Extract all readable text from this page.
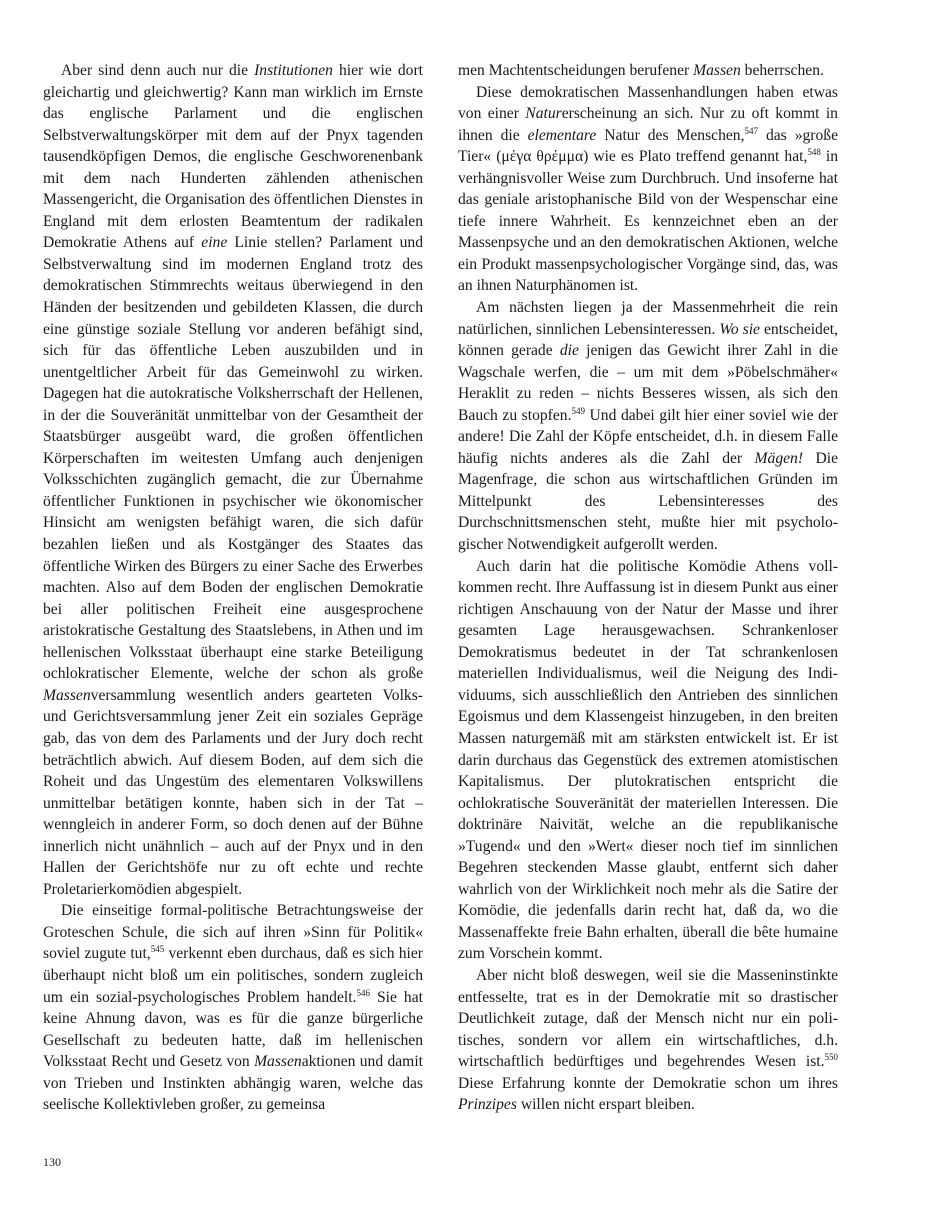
Aber sind denn auch nur die Institutionen hier wie dort gleichartig und gleichwertig? Kann man wirklich im Ernste das englische Parlament und die englischen Selbstverwaltungskörper mit dem auf der Pnyx tagenden tausendköpfigen Demos, die englische Geschworenenbank mit dem nach Hunderten zählenden athenischen Massengericht, die Organisation des öffentlichen Dienstes in England mit dem erlosten Beamtentum der radikalen Demokratie Athens auf eine Linie stellen? Parlament und Selbstverwaltung sind im modernen England trotz des demokratischen Stimmrechts weitaus überwiegend in den Händen der besitzenden und gebildeten Klassen, die durch eine günstige soziale Stellung vor anderen befähigt sind, sich für das öffentliche Leben auszubilden und in unentgeltlicher Arbeit für das Gemeinwohl zu wirken. Dagegen hat die autokratische Volksherrschaft der Hellenen, in der die Souveränität unmittelbar von der Gesamtheit der Staatsbürger ausgeübt ward, die großen öffentlichen Körperschaften im weitesten Umfang auch denjenigen Volksschichten zugänglich gemacht, die zur Übernahme öffentlicher Funktionen in psychischer wie ökonomischer Hinsicht am wenigsten befähigt waren, die sich dafür bezahlen ließen und als Kostgänger des Staates das öffentliche Wirken des Bürgers zu einer Sache des Erwerbes machten. Also auf dem Boden der englischen Demokratie bei aller politischen Freiheit eine ausgesprochene aristokratische Gestaltung des Staatslebens, in Athen und im hellenischen Volksstaat überhaupt eine starke Beteiligung ochlokratischer Elemente, welche der schon als große Massenversammlung wesentlich anders gearteten Volks- und Gerichtsversammlung jener Zeit ein soziales Gepräge gab, das von dem des Parlaments und der Jury doch recht beträchtlich abwich. Auf diesem Boden, auf dem sich die Roheit und das Ungestüm des elementaren Volkswillens unmittelbar betätigen konnte, haben sich in der Tat – wenngleich in anderer Form, so doch denen auf der Bühne innerlich nicht unähnlich – auch auf der Pnyx und in den Hallen der Gerichtshöfe nur zu oft echte und rechte Proletarierkomödien abgespielt.

Die einseitige formal-politische Betrachtungsweise der Groteschen Schule, die sich auf ihren »Sinn für Politik« soviel zugute tut,$^{545}$ verkennt eben durchaus, daß es sich hier überhaupt nicht bloß um ein politisches, sondern zugleich um ein sozial-psychologisches Problem handelt.$^{546}$ Sie hat keine Ahnung davon, was es für die ganze bürgerliche Gesellschaft zu bedeuten hatte, daß im hellenischen Volksstaat Recht und Gesetz von Massenaktionen und damit von Trieben und Instinkten abhängig waren, welche das seelische Kollektivleben großer, zu gemeinsa

men Machtentscheidungen berufener Massen beherrschen.

Diese demokratischen Massenhandlungen haben etwas von einer Naturerscheinung an sich. Nur zu oft kommt in ihnen die elementare Natur des Menschen,$^{547}$ das »große Tier« (μέγα θρέμμα) wie es Plato treffend genannt hat,$^{548}$ in verhängnisvoller Weise zum Durchbruch. Und insoferne hat das geniale aristophanische Bild von der Wespenschar eine tiefe innere Wahrheit. Es kennzeichnet eben an der Massenpsyche und an den demokratischen Aktionen, welche ein Produkt massenpsychologischer Vorgänge sind, das, was an ihnen Naturphänomen ist.

Am nächsten liegen ja der Massenmehrheit die rein natürlichen, sinnlichen Lebensinteressen. Wo sie entscheidet, können gerade die jenigen das Gewicht ihrer Zahl in die Wagschale werfen, die – um mit dem »Pöbelschmäher« Heraklit zu reden – nichts Besseres wissen, als sich den Bauch zu stopfen.$^{549}$ Und dabei gilt hier einer soviel wie der andere! Die Zahl der Köpfe entscheidet, d.h. in diesem Falle häufig nichts anderes als die Zahl der Mägen! Die Magenfrage, die schon aus wirtschaftlichen Gründen im Mittelpunkt des Lebensinteresses des Durchschnittsmenschen steht, mußte hier mit psychologischer Notwendigkeit aufgerollt werden.

Auch darin hat die politische Komödie Athens vollkommen recht. Ihre Auffassung ist in diesem Punkt aus einer richtigen Anschauung von der Natur der Masse und ihrer gesamten Lage herausgewachsen. Schrankenloser Demokratismus bedeutet in der Tat schrankenlosen materiellen Individualismus, weil die Neigung des Individuums, sich ausschließlich den Antrieben des sinnlichen Egoismus und dem Klassengeist hinzugeben, in den breiten Massen naturgemäß mit am stärksten entwickelt ist. Er ist darin durchaus das Gegenstück des extremen atomistischen Kapitalismus. Der plutokratischen entspricht die ochlokratische Souveränität der materiellen Interessen. Die doktrinäre Naivität, welche an die republikanische »Tugend« und den »Wert« dieser noch tief im sinnlichen Begehren steckenden Masse glaubt, entfernt sich daher wahrlich von der Wirklichkeit noch mehr als die Satire der Komödie, die jedenfalls darin recht hat, daß da, wo die Massenaffekte freie Bahn erhalten, überall die bête humaine zum Vorschein kommt.

Aber nicht bloß deswegen, weil sie die Masseninstinkte entfesselte, trat es in der Demokratie mit so drastischer Deutlichkeit zutage, daß der Mensch nicht nur ein politisches, sondern vor allem ein wirtschaftliches, d.h. wirtschaftlich bedürftiges und begehrendes Wesen ist.$^{550}$ Diese Erfahrung konnte der Demokratie schon um ihres Prinzipes willen nicht erspart bleiben.

130
